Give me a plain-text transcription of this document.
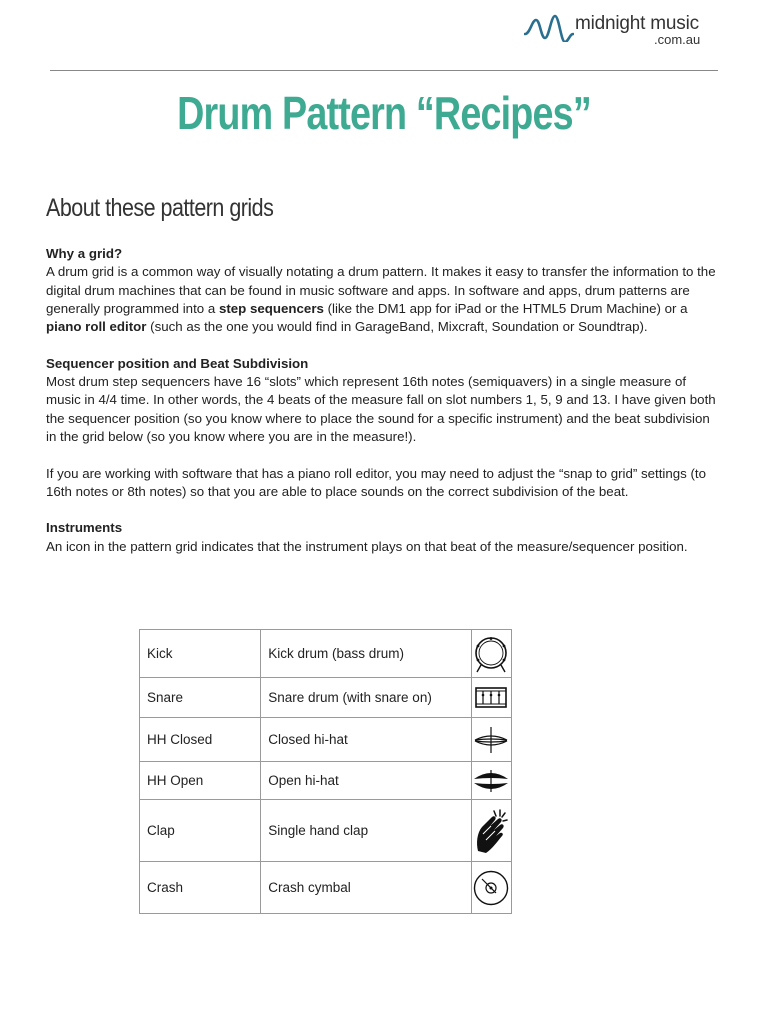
midnight music
.com.au
Drum Pattern “Recipes”
About these pattern grids

Why a grid?
A drum grid is a common way of visually notating a drum pattern. It makes it easy to transfer the information to the digital drum machines that can be found in music software and apps. In software and apps, drum patterns are generally programmed into a step sequencers (like the DM1 app for iPad or the HTML5 Drum Machine) or a piano roll editor (such as the one you would find in GarageBand, Mixcraft, Soundation or Soundtrap).

Sequencer position and Beat Subdivision
Most drum step sequencers have 16 “slots” which represent 16th notes (semiquavers) in a single measure of music in 4/4 time. In other words, the 4 beats of the measure fall on slot numbers 1, 5, 9 and 13. I have given both the sequencer position (so you know where to place the sound for a specific instrument) and the beat subdivision in the grid below (so you know where you are in the measure!).

If you are working with software that has a piano roll editor, you may need to adjust the “snap to grid” settings (to 16th notes or 8th notes) so that you are able to place sounds on the correct subdivision of the beat.

Instruments
An icon in the pattern grid indicates that the instrument plays on that beat of the measure/sequencer position.

Kick	Kick drum (bass drum)	

Snare	Snare drum (with snare on)	

HH Closed	Closed hi-hat	

HH Open	Open hi-hat	

Clap	Single hand clap	

Crash	Crash cymbal	
